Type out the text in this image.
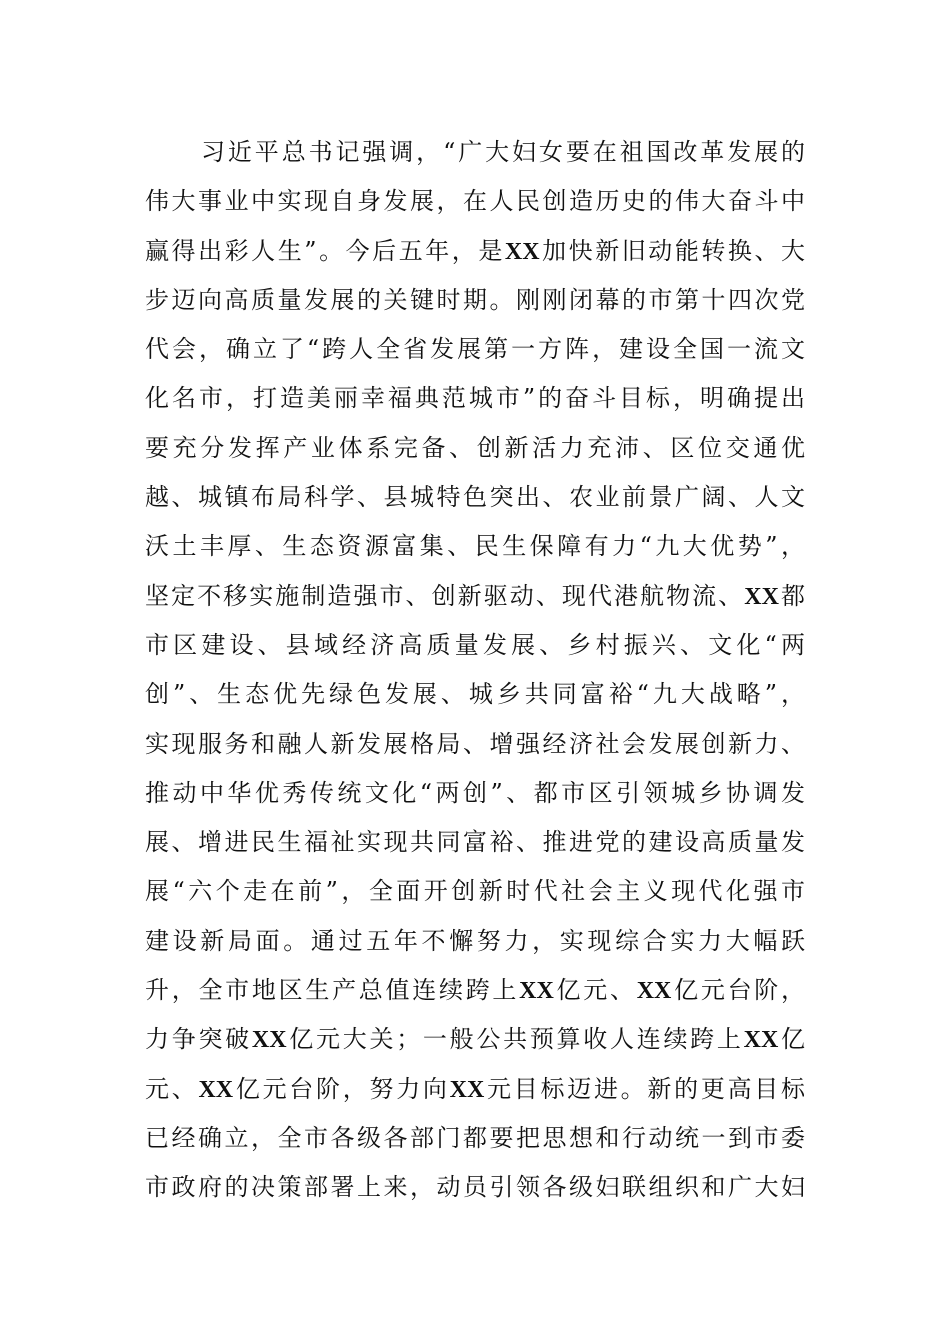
习近平总书记强调，“广大妇女要在祖国改革发展的
伟大事业中实现自身发展，在人民创造历史的伟大奋斗中
赢得出彩人生”。今后五年，是XX加快新旧动能转换、大
步迈向高质量发展的关键时期。刚刚闭幕的市第十四次党
代会，确立了“跨人全省发展第一方阵，建设全国一流文
化名市，打造美丽幸福典范城市”的奋斗目标，明确提出
要充分发挥产业体系完备、创新活力充沛、区位交通优
越、城镇布局科学、县城特色突出、农业前景广阔、人文
沃土丰厚、生态资源富集、民生保障有力“九大优势”，
坚定不移实施制造强市、创新驱动、现代港航物流、XX都
市区建设、县域经济高质量发展、乡村振兴、文化“两
创”、生态优先绿色发展、城乡共同富裕“九大战略”，
实现服务和融人新发展格局、增强经济社会发展创新力、
推动中华优秀传统文化“两创”、都市区引领城乡协调发
展、增进民生福祉实现共同富裕、推进党的建设高质量发
展“六个走在前”，全面开创新时代社会主义现代化强市
建设新局面。通过五年不懈努力，实现综合实力大幅跃
升，全市地区生产总值连续跨上XX亿元、XX亿元台阶，
力争突破XX亿元大关；一般公共预算收人连续跨上XX亿
元、XX亿元台阶，努力向XX元目标迈进。新的更高目标
已经确立，全市各级各部门都要把思想和行动统一到市委
市政府的决策部署上来，动员引领各级妇联组织和广大妇
